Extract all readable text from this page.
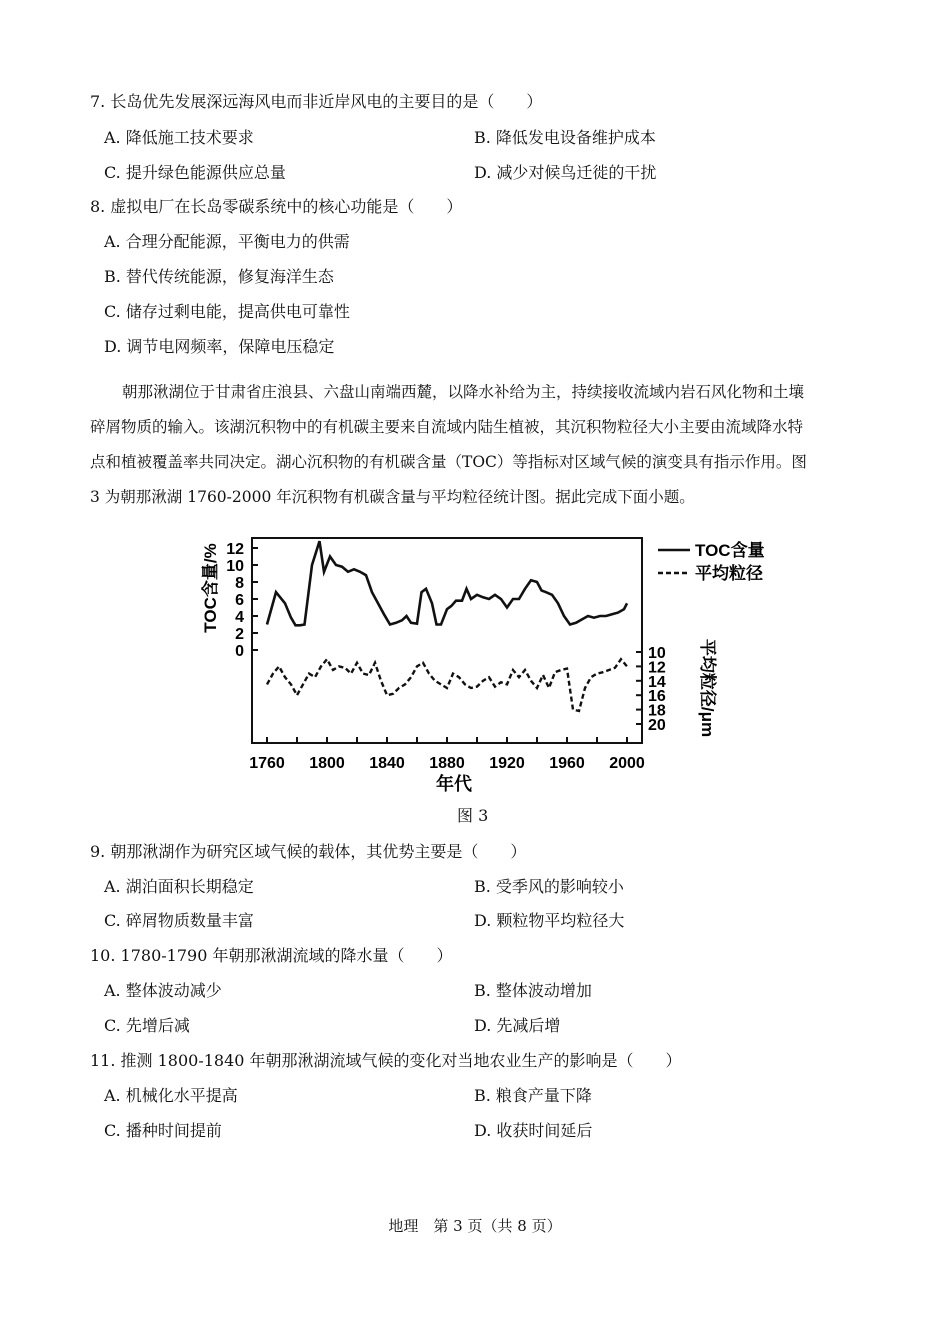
7. 长岛优先发展深远海风电而非近岸风电的主要目的是（　　）
A. 降低施工技术要求	B. 降低发电设备维护成本
C. 提升绿色能源供应总量	D. 减少对候鸟迁徙的干扰
8. 虚拟电厂在长岛零碳系统中的核心功能是（　　）
A. 合理分配能源，平衡电力的供需
B. 替代传统能源，修复海洋生态
C. 储存过剩电能，提高供电可靠性
D. 调节电网频率，保障电压稳定
朝那湫湖位于甘肃省庄浪县、六盘山南端西麓，以降水补给为主，持续接收流域内岩石风化物和土壤
碎屑物质的输入。该湖沉积物中的有机碳主要来自流域内陆生植被，其沉积物粒径大小主要由流域降水特
点和植被覆盖率共同决定。湖心沉积物的有机碳含量（TOC）等指标对区域气候的演变具有指示作用。图
3 为朝那湫湖 1760-2000 年沉积物有机碳含量与平均粒径统计图。据此完成下面小题。
0
2
4
6
8
10
12
10
12
14
16
18
20
1760 1800 1840 1880 1920 1960 2000
TOC含量/%
平均粒径/μm
年代
TOC含量
平均粒径
图 3
9. 朝那湫湖作为研究区域气候的载体，其优势主要是（　　）
A. 湖泊面积长期稳定	B. 受季风的影响较小
C. 碎屑物质数量丰富	D. 颗粒物平均粒径大
10. 1780-1790 年朝那湫湖流域的降水量（　　）
A. 整体波动减少	B. 整体波动增加
C. 先增后减	D. 先减后增
11. 推测 1800-1840 年朝那湫湖流域气候的变化对当地农业生产的影响是（　　）
A. 机械化水平提高	B. 粮食产量下降
C. 播种时间提前	D. 收获时间延后
地理　第 3 页（共 8 页）
